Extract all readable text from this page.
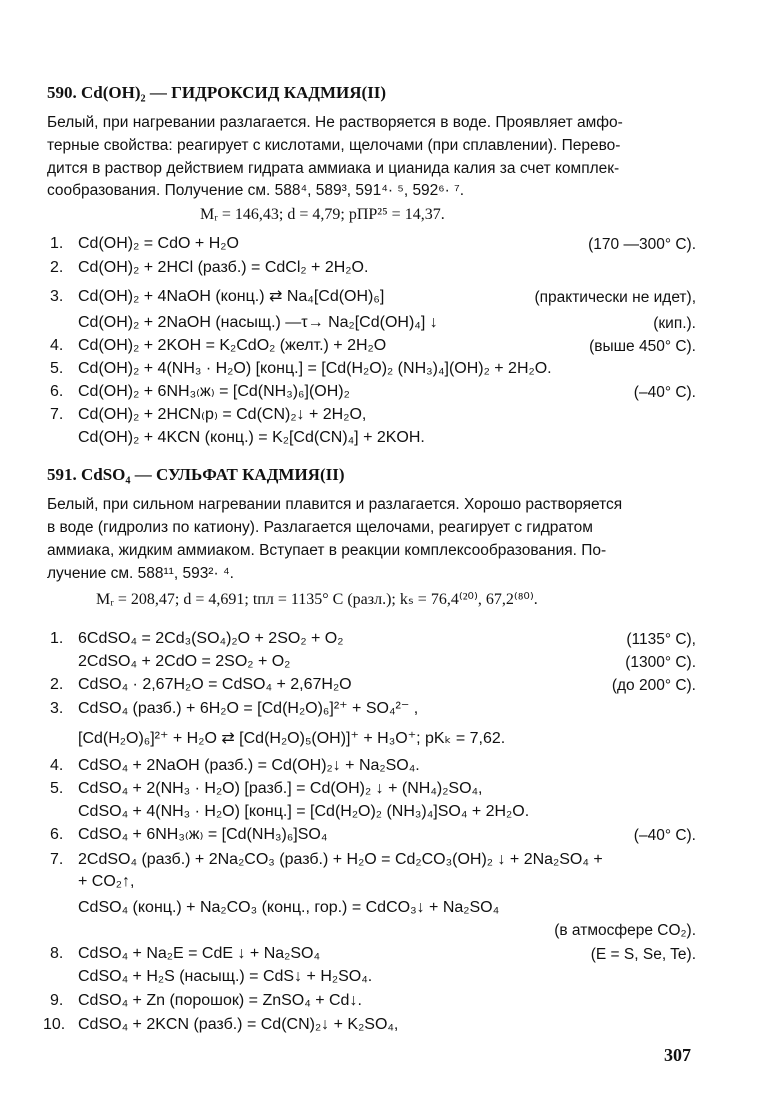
590. Cd(OH)₂ — ГИДРОКСИД КАДМИЯ(II)
Белый, при нагревании разлагается. Не растворяется в воде. Проявляет амфо-
терные свойства: реагирует с кислотами, щелочами (при сплавлении). Перево-
дится в раствор действием гидрата аммиака и цианида калия за счет комплек-
сообразования. Получение см. 588⁴, 589³, 591⁴· ⁵, 592⁶· ⁷.
Mᵣ = 146,43; d = 4,79; рПР²⁵ = 14,37.
1. Cd(OH)₂ = CdO + H₂O	(170 —300° C).
2. Cd(OH)₂ + 2HCl (разб.) = CdCl₂ + 2H₂O.
3. Cd(OH)₂ + 4NaOH (конц.) ⇄ Na₄[Cd(OH)₆]	(практически не идет),
Cd(OH)₂ + 2NaOH (насыщ.) —τ→ Na₂[Cd(OH)₄] ↓	(кип.).
4. Cd(OH)₂ + 2KOH = K₂CdO₂ (желт.) + 2H₂O	(выше 450° C).
5. Cd(OH)₂ + 4(NH₃ · H₂O) [конц.] = [Cd(H₂O)₂ (NH₃)₄](OH)₂ + 2H₂O.
6. Cd(OH)₂ + 6NH₃₍ж₎ = [Cd(NH₃)₆](OH)₂	(–40° C).
7. Cd(OH)₂ + 2HCN₍р₎ = Cd(CN)₂↓ + 2H₂O,
Cd(OH)₂ + 4KCN (конц.) = K₂[Cd(CN)₄] + 2KOH.
591. CdSO₄ — СУЛЬФАТ КАДМИЯ(II)
Белый, при сильном нагревании плавится и разлагается. Хорошо растворяется
в воде (гидролиз по катиону). Разлагается щелочами, реагирует с гидратом
аммиака, жидким аммиаком. Вступает в реакции комплексообразования. По-
лучение см. 588¹¹, 593²· ⁴.
Mᵣ = 208,47; d = 4,691; tпл = 1135° C (разл.); kₛ = 76,4⁽²⁰⁾, 67,2⁽⁸⁰⁾.
1. 6CdSO₄ = 2Cd₃(SO₄)₂O + 2SO₂ + O₂	(1135° C),
2CdSO₄ + 2CdO = 2SO₂ + O₂	(1300° C).
2. CdSO₄ · 2,67H₂O = CdSO₄ + 2,67H₂O	(до 200° C).
3. CdSO₄ (разб.) + 6H₂O = [Cd(H₂O)₆]²⁺ + SO₄²⁻ ,
[Cd(H₂O)₆]²⁺ + H₂O ⇄ [Cd(H₂O)₅(OH)]⁺ + H₃O⁺; pKₖ = 7,62.
4. CdSO₄ + 2NaOH (разб.) = Cd(OH)₂↓ + Na₂SO₄.
5. CdSO₄ + 2(NH₃ · H₂O) [разб.] = Cd(OH)₂ ↓ + (NH₄)₂SO₄,
CdSO₄ + 4(NH₃ · H₂O) [конц.] = [Cd(H₂O)₂ (NH₃)₄]SO₄ + 2H₂O.
6. CdSO₄ + 6NH₃₍ж₎ = [Cd(NH₃)₆]SO₄	(–40° C).
7. 2CdSO₄ (разб.) + 2Na₂CO₃ (разб.) + H₂O = Cd₂CO₃(OH)₂ ↓ + 2Na₂SO₄ +
+ CO₂↑,
CdSO₄ (конц.) + Na₂CO₃ (конц., гор.) = CdCO₃↓ + Na₂SO₄
(в атмосфере CO₂).
8. CdSO₄ + Na₂E = CdE ↓ + Na₂SO₄	(E = S, Se, Te).
CdSO₄ + H₂S (насыщ.) = CdS↓ + H₂SO₄.
9. CdSO₄ + Zn (порошок) = ZnSO₄ + Cd↓.
10. CdSO₄ + 2KCN (разб.) = Cd(CN)₂↓ + K₂SO₄,
307
